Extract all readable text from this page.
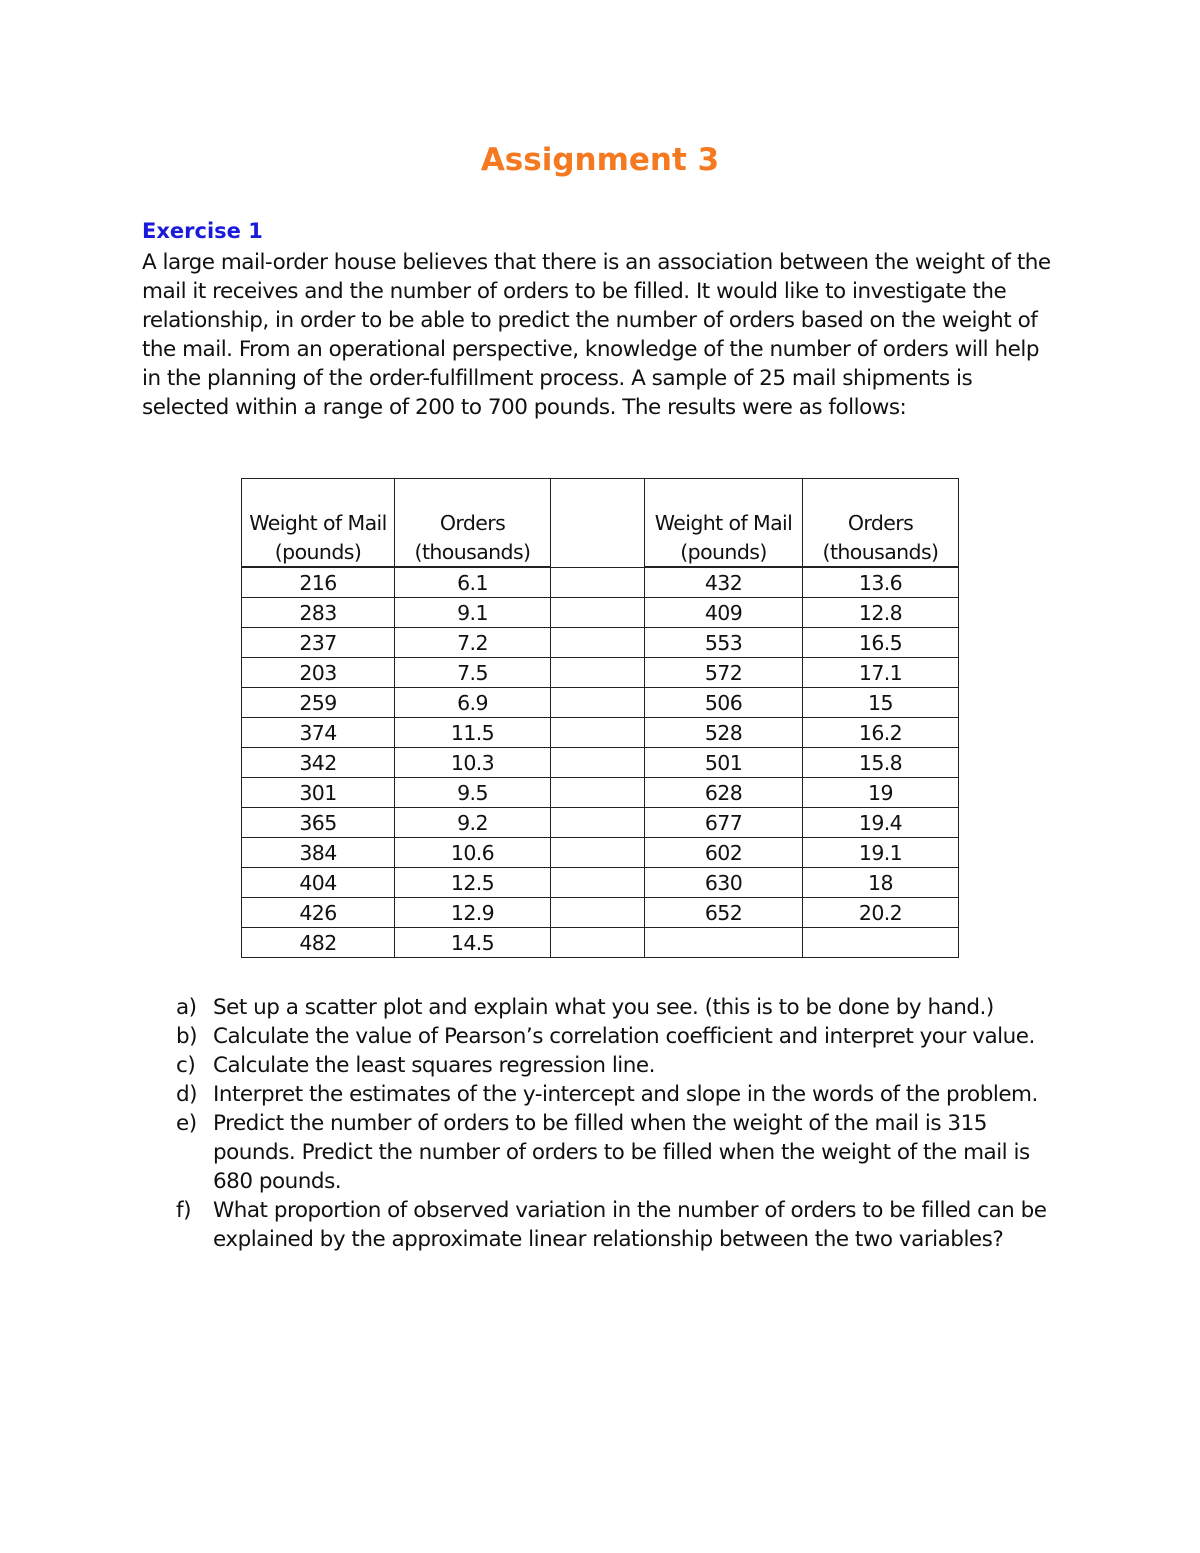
Assignment 3
Exercise 1

A large mail-order house believes that there is an association between the weight of the mail it receives and the number of orders to be filled. It would like to investigate the relationship, in order to be able to predict the number of orders based on the weight of the mail. From an operational perspective, knowledge of the number of orders will help in the planning of the order-fulfillment process. A sample of 25 mail shipments is selected within a range of 200 to 700 pounds. The results were as follows:

Weight of Mail	Orders		Weight of Mail	Orders
(pounds)	(thousands)		(pounds)	(thousands)
216	6.1		432	13.6
283	9.1		409	12.8
237	7.2		553	16.5
203	7.5		572	17.1
259	6.9		506	15
374	11.5		528	16.2
342	10.3		501	15.8
301	9.5		628	19
365	9.2		677	19.4
384	10.6		602	19.1
404	12.5		630	18
426	12.9		652	20.2
482	14.5			
a) Set up a scatter plot and explain what you see. (this is to be done by hand.)
b) Calculate the value of Pearson’s correlation coefficient and interpret your value.
c) Calculate the least squares regression line.
d) Interpret the estimates of the y-intercept and slope in the words of the problem.
e) Predict the number of orders to be filled when the weight of the mail is 315 pounds. Predict the number of orders to be filled when the weight of the mail is 680 pounds.
f) What proportion of observed variation in the number of orders to be filled can be explained by the approximate linear relationship between the two variables?
